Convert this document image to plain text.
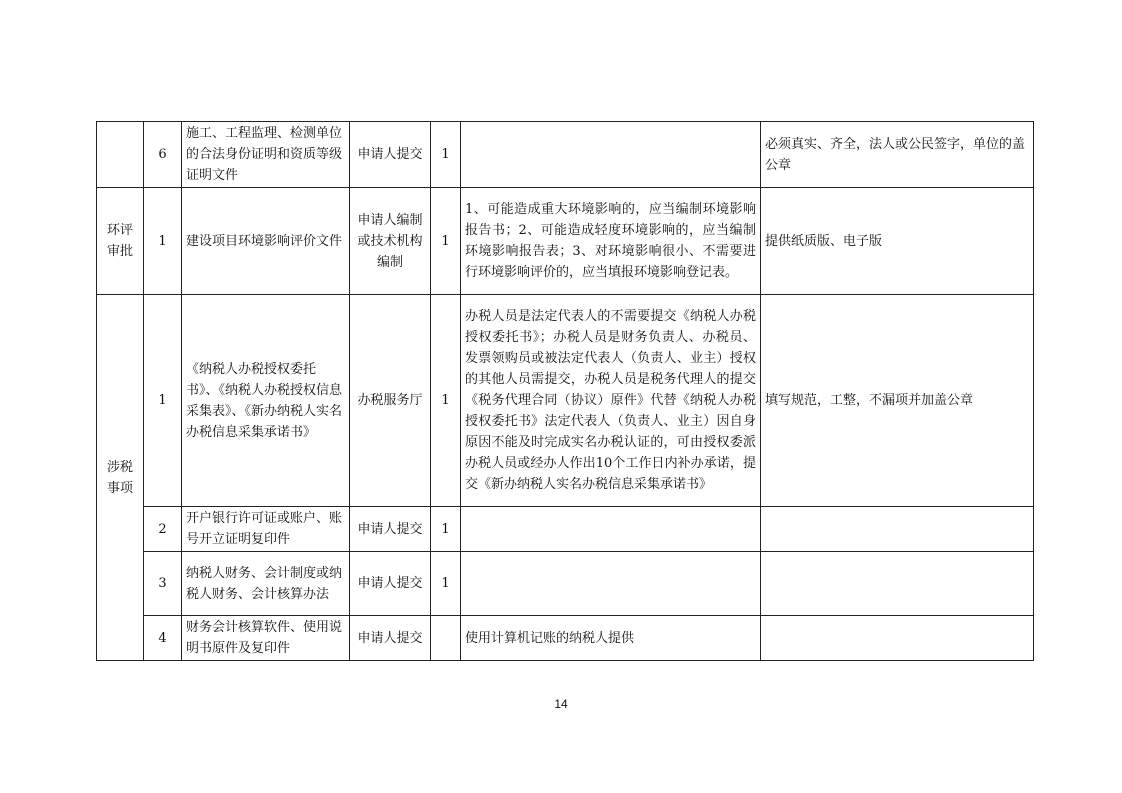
	6	施工、工程监理、检测单位的合法身份证明和资质等级证明文件	申请人提交	1		必须真实、齐全，法人或公民签字，单位的盖公章
环评审批	1	建设项目环境影响评价文件	申请人编制或技术机构编制	1	1、可能造成重大环境影响的，应当编制环境影响报告书；2、可能造成轻度环境影响的，应当编制环境影响报告表；3、对环境影响很小、不需要进行环境影响评价的，应当填报环境影响登记表。	提供纸质版、电子版
涉税事项	1	《纳税人办税授权委托书》、《纳税人办税授权信息采集表》、《新办纳税人实名办税信息采集承诺书》	办税服务厅	1	办税人员是法定代表人的不需要提交《纳税人办税授权委托书》；办税人员是财务负责人、办税员、发票领购员或被法定代表人（负责人、业主）授权的其他人员需提交，办税人员是税务代理人的提交《税务代理合同（协议）原件》代替《纳税人办税授权委托书》法定代表人（负责人、业主）因自身原因不能及时完成实名办税认证的，可由授权委派办税人员或经办人作出10个工作日内补办承诺，提交《新办纳税人实名办税信息采集承诺书》	填写规范，工整，不漏项并加盖公章
	2	开户银行许可证或账户、账号开立证明复印件	申请人提交	1		
	3	纳税人财务、会计制度或纳税人财务、会计核算办法	申请人提交	1		
	4	财务会计核算软件、使用说明书原件及复印件	申请人提交		使用计算机记账的纳税人提供	
14
